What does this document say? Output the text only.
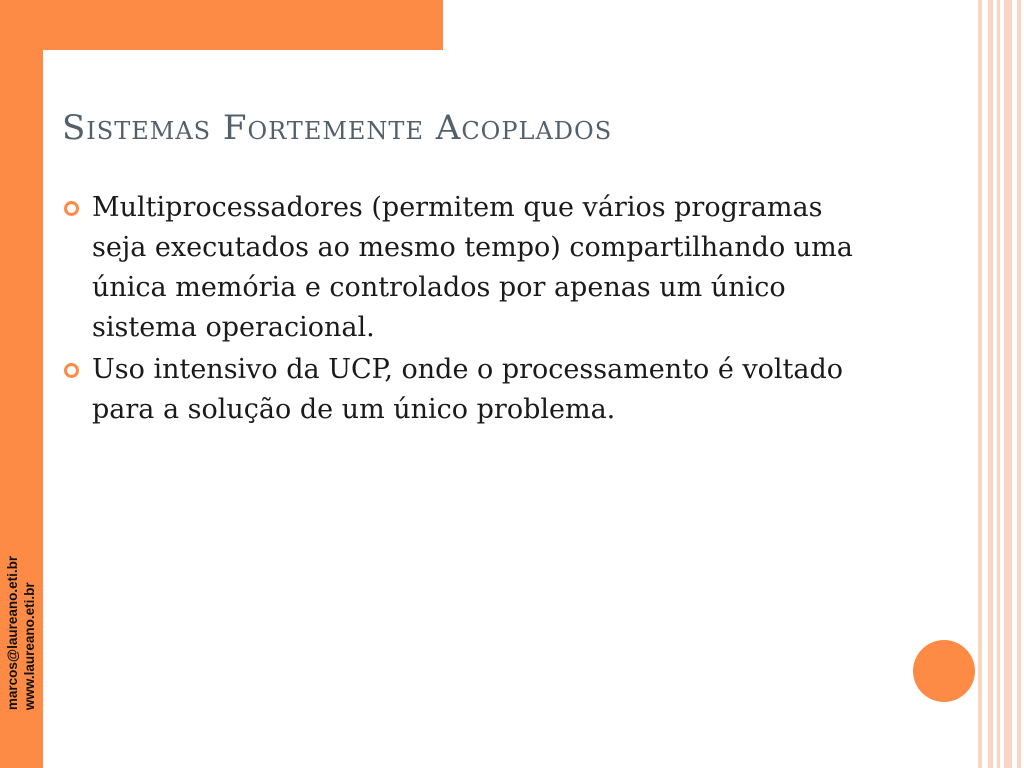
marcos@laureano.eti.br www.laureano.eti.br
Sistemas Fortemente Acoplados
Multiprocessadores (permitem que vários programas seja executados ao mesmo tempo) compartilhando uma única memória e controlados por apenas um único sistema operacional.
Uso intensivo da UCP, onde o processamento é voltado para a solução de um único problema.
